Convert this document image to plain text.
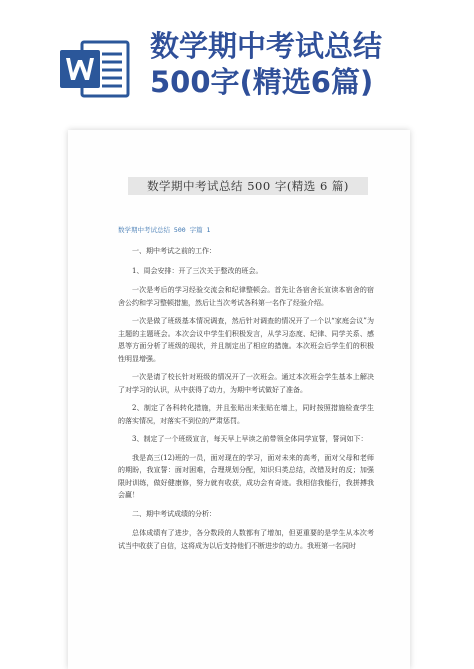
数学期中考试总结
500字(精选6篇)
数学期中考试总结 500 字(精选 6 篇)
数学期中考试总结 500 字篇 1

一、期中考试之前的工作：

1、周会安排：开了三次关于整改的班会。

一次是考后的学习经验交流会和纪律整顿会。首先让各宿舍长宣读本宿舍的宿舍公约和学习整顿措施，然后让当次考试各科第一名作了经验介绍。

一次是做了班级基本情况调查，然后针对调查的情况开了一个以“家庭会议”为主题的主题班会。本次会议中学生们积极发言，从学习态度、纪律、同学关系、感恩等方面分析了班级的现状，并且制定出了相应的措施。本次班会后学生们的积极性明显增强。

一次是请了校长针对班级的情况开了一次班会。通过本次班会学生基本上解决了对学习的认识，从中获得了动力，为期中考试做好了准备。

2、制定了各科转化措施，并且张贴出来张贴在墙上，同时按照措施检查学生的落实情况，对落实不到位的严肃惩罚。

3、制定了一个班级宣言，每天早上早读之前带领全体同学宣誓，誓词如下：

我是高三(12)班的一员，面对现在的学习，面对未来的高考，面对父母和老师的期盼，我宣誓：面对困难，合理规划分配，知识归类总结，改错及时的反；加强限时训练，做好健康修，努力就有收获，成功会有奇迹。我相信我能行，我拼搏我会赢！

二、期中考试成绩的分析：

总体成绩有了进步，各分数段的人数都有了增加，但更重要的是学生从本次考试当中收获了自信，这将成为以后支持他们不断进步的动力。我班第一名同时
